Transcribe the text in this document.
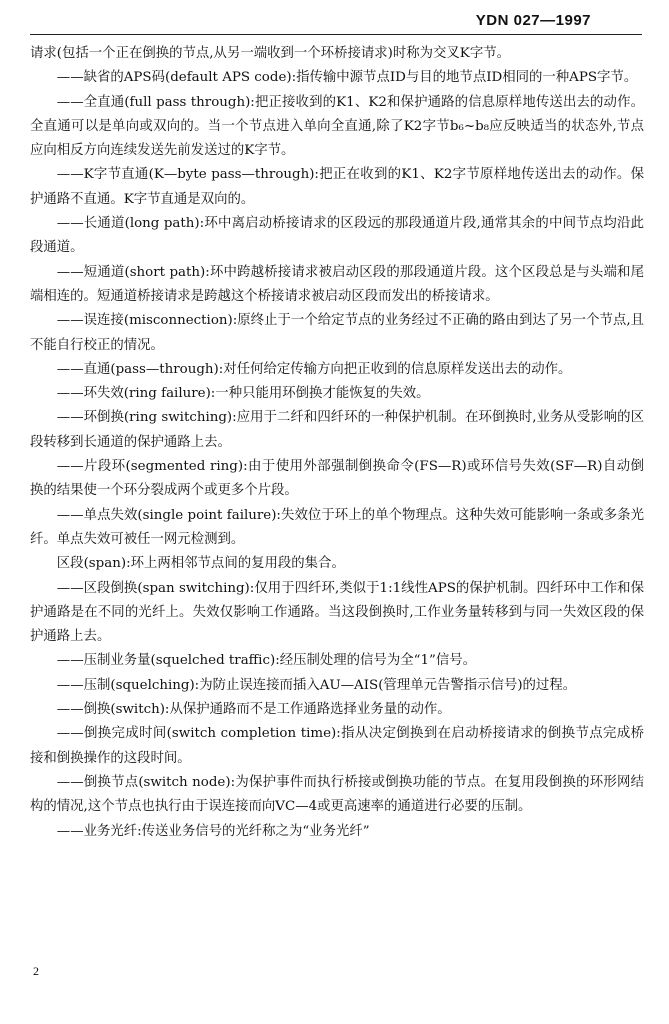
YDN 027—1997

请求(包括一个正在倒换的节点,从另一端收到一个环桥接请求)时称为交叉K字节。

——缺省的APS码(default APS code):指传输中源节点ID与目的地节点ID相同的一种APS字节。

——全直通(full pass through):把正接收到的K1、K2和保护通路的信息原样地传送出去的动作。全直通可以是单向或双向的。当一个节点进入单向全直通,除了K2字节b₆~b₈应反映适当的状态外,节点应向相反方向连续发送先前发送过的K字节。

——K字节直通(K—byte pass—through):把正在收到的K1、K2字节原样地传送出去的动作。保护通路不直通。K字节直通是双向的。

——长通道(long path):环中离启动桥接请求的区段远的那段通道片段,通常其余的中间节点均沿此段通道。

——短通道(short path):环中跨越桥接请求被启动区段的那段通道片段。这个区段总是与头端和尾端相连的。短通道桥接请求是跨越这个桥接请求被启动区段而发出的桥接请求。

——误连接(misconnection):原终止于一个给定节点的业务经过不正确的路由到达了另一个节点,且不能自行校正的情况。

——直通(pass—through):对任何给定传输方向把正收到的信息原样发送出去的动作。

——环失效(ring failure):一种只能用环倒换才能恢复的失效。

——环倒换(ring switching):应用于二纤和四纤环的一种保护机制。在环倒换时,业务从受影响的区段转移到长通道的保护通路上去。

——片段环(segmented ring):由于使用外部强制倒换命令(FS—R)或环信号失效(SF—R)自动倒换的结果使一个环分裂成两个或更多个片段。

——单点失效(single point failure):失效位于环上的单个物理点。这种失效可能影响一条或多条光纤。单点失效可被任一网元检测到。

区段(span):环上两相邻节点间的复用段的集合。

——区段倒换(span switching):仅用于四纤环,类似于1:1线性APS的保护机制。四纤环中工作和保护通路是在不同的光纤上。失效仅影响工作通路。当这段倒换时,工作业务量转移到与同一失效区段的保护通路上去。

——压制业务量(squelched traffic):经压制处理的信号为全“1”信号。

——压制(squelching):为防止误连接而插入AU—AIS(管理单元告警指示信号)的过程。

——倒换(switch):从保护通路而不是工作通路选择业务量的动作。

——倒换完成时间(switch completion time):指从决定倒换到在启动桥接请求的倒换节点完成桥接和倒换操作的这段时间。

——倒换节点(switch node):为保护事件而执行桥接或倒换功能的节点。在复用段倒换的环形网结构的情况,这个节点也执行由于误连接而向VC—4或更高速率的通道进行必要的压制。

——业务光纤:传送业务信号的光纤称之为“业务光纤”

2
